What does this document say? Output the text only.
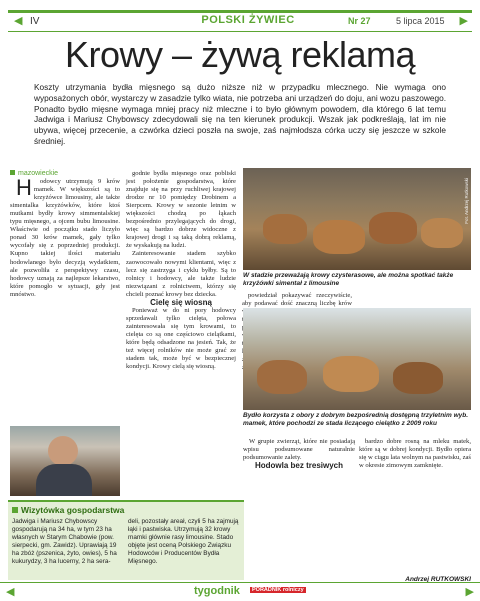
◀ IV	POLSKI ŻYWIEC	Nr 27	5 lipca 2015 ▶
Krowy – żywą reklamą
Koszty utrzymania bydła mięsnego są dużo niższe niż w przypadku mlecznego. Nie wymaga ono wyposażonych obór, wystarczy w zasadzie tylko wiata, nie potrzeba ani urządzeń do doju, ani wozu paszowego. Ponadto bydło mięsne wymaga mniej pracy niż mleczne i to było głównym powodem, dla którego 6 lat temu Jadwiga i Mariusz Chybowscy zdecydowali się na ten kierunek produkcji. Wszak jak podkreślają, lat im nie ubywa, więcej przecenie, a czwórka dzieci poszła na swoje, zaś najmłodsza córka uczy się jeszcze w szkole średniej.

mazowieckie

H odowcy utrzymują 9 krów mamek. W większości są to krzyżówce limousiny, ale także simentalka krzyżówków, które ktoś mutkami bydły krowy simmentalskiej typu mięsnego, a ojcem bubu limousine. Właściwie od początku stado liczyło ponad 30 krów mamek, gały tylko wycofały się z poprzedniej produkcji. Kupno takiej ilości materiału hodowlanego było decyzją wydatkiem, ale pozwoliła z perspektywy czasu, hodowcy uznają za najlepsze lekarstwo, które pomogło w sytuacji, gdy jest mnóstwo.

godnie bydła mięsnego oraz pobliski jest położenie gospodarstwa, które znajduje się na przy ruchliwej krajowej drodze nr 10 pomiędzy Drobinem a Sierpcem. Krowy w sezonie letnim w większości chodzą po łąkach bezpośrednio przylegających do drogi, więc są bardzo dobrze widoczne z krajowej drogi i są taką dobrą reklamą, że wyskakują na ludzi.

Zainteresowanie stadem szybko zaowocowało nowymi klientami, więc z lecz się zastrzyga i cyklu byłby. Są to rolnicy i hodowcy, ale także ludzie niezwiązani z rolnictwem, którzy się chcieli poznać krowy bez dziecka.

Cielę się wiosną

Ponieważ w do ni pory hodowcy sprzedawali tylko cielęta, połowa zainteresowała się tym krowami, to cielęta co są one częściowo cielątkami, które będą odsadzone na jesień. Tak, że też więcej rolników nie może grać ze stadem tak, może być w bezpiecznej kondycji. Krowy cielą się wiosną.

Fot. Andrzej Rutkowski
W stadzie przeważają krowy czysterasowe, ale można spotkać także krzyżówki simentał z limousine

powiedział pokazywać rzeczywiście, aby podawać dość znaczną liczbę krów

Bydło korzysta z obory z dobrym bezpośrednią dostępną trzyletnim wyb. mamek, które pochodzi ze stada liczącego cielątko z 2009 roku
Wizytówka gospodarstwa
Jadwiga i Mariusz Chybowscy gospodarują na 34 ha, w tym 23 ha własnych w Starym Chabowie (pow. sierpecki, gm. Zawidz). Uprawiają 19 ha zbóż (pszenica, żyto, owies), 5 ha kukurydzy, 3 ha lucerny, 2 ha sera-
deli, pozostały areał, czyli 5 ha zajmują łąki i pastwiska. Utrzymują 32 krowy mamki głównie rasy limousine. Stado objęte jest oceną Polskiego Związku Hodowców i Producentów Bydła Mięsnego.

W grupie zwierząt, które nie posiadają wpisu podsumowane naturalnie podsumowanie zalety.

Hodowla bez tresiwych

bardzo dobre rosną na mleku matek, które są w dobrej kondycji. Bydło opiera się w ciągu lata wolnym na pastwisku, zaś w okresie zimowym zamknięte.

Andrzej RUTKOWSKI
◀	tygodnik	PORADNIK rolniczy	▶
